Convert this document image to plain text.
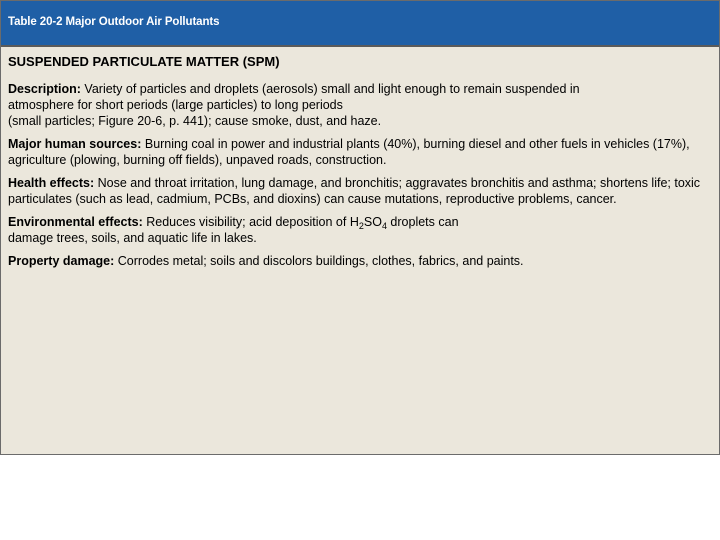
Table 20-2 Major Outdoor Air Pollutants
SUSPENDED PARTICULATE MATTER (SPM)
Description: Variety of particles and droplets (aerosols) small and light enough to remain suspended in
atmosphere for short periods (large particles) to long periods
(small particles; Figure 20-6, p. 441); cause smoke, dust, and haze.
Major human sources: Burning coal in power and industrial plants (40%), burning diesel and other fuels in vehicles (17%), agriculture (plowing, burning off fields), unpaved roads, construction.
Health effects: Nose and throat irritation, lung damage, and bronchitis; aggravates bronchitis and asthma; shortens life; toxic particulates (such as lead, cadmium, PCBs, and dioxins) can cause mutations, reproductive problems, cancer.
Environmental effects: Reduces visibility; acid deposition of $H_2SO_4$ droplets can
damage trees, soils, and aquatic life in lakes.
Property damage: Corrodes metal; soils and discolors buildings, clothes, fabrics, and paints.
